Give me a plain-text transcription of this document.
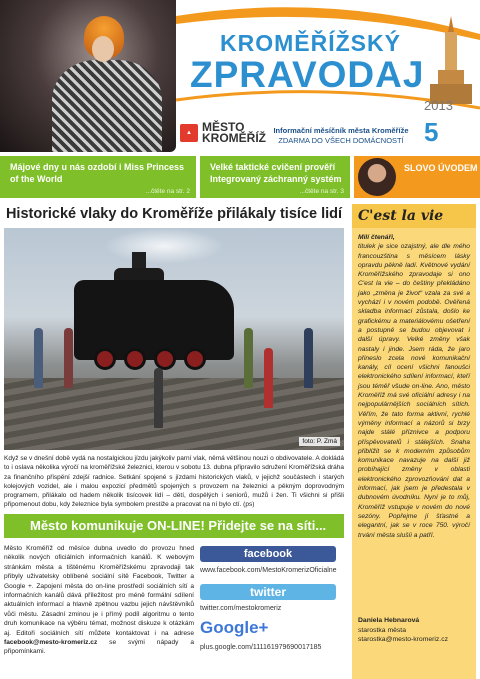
KROMĚŘÍŽSKÝ
ZPRAVODAJ
2013
▲ MĚSTO
KROMĚŘÍŽ
Informační měsíčník města Kroměříže
ZDARMA DO VŠECH DOMÁCNOSTÍ 5
Májové dny u nás ozdobí i Miss Princess of the World
...čtěte na str. 2
Velké taktické cvičení prověří Integrovaný záchranný systém
...čtěte na str. 3
SLOVO ÚVODEM
Historické vlaky do Kroměříže přilákaly tisíce lidí
foto: P. Zmá
Když se v dnešní době vydá na nostalgickou jízdu jakýkoliv parní vlak, němá většinou nouzi o obdivovatele. A dokládá to i oslava několika výročí na kroměřížské železnici, kterou v sobotu 13. dubna připravilo sdružení Kroměřížská dráha za finančního přispění zdejší radnice. Setkání spojené s jízdami historických vlaků, v jejichž součástech i starých kolejových vozidel, ale i malou expozicí předmětů spojených s provozem na železnici a pěkným doprovodným programem, přilákalo od hadem několik tisícovek lidí – dětí, dospělých i seniorů, mužů i žen. Ti všichni si přišli připomenout dobu, kdy železnice byla symbolem prestiže a pracovat na ní bylo ctí. (ps)
Město komunikuje ON-LINE! Přidejte se na síti...
Město Kroměříž od měsíce dubna uvedlo do provozu hned několik nových oficiálních informačních kanálů. K webovým stránkám města a tištěnému Kroměřížskému zpravodaji tak přibyly uživatelsky oblíbené sociální sítě Facebook, Twitter a Google +. Zapojení města do on-line prostředí sociálních sítí a informačních kanálů dává příležitost pro méně formální sdílení aktuálních informací a hlavně zpětnou vazbu jejich návštěvníků vůči městu. Zásadní zmínou je i přímý podíl algoritmu o tento druh komunikace na výběru témat, možnost diskuze k otázkám aj. Editoři sociálních sítí můžete kontaktovat i na adrese facebook@mesto-kromeriz.cz se svými nápady a připomínkami.
facebook
twitter
www.facebook.com/MestoKromerizOficialne
twitter.com/mestokromeriz
Google+
plus.google.com/111161979690017185
C'est la vie
Milí čtenáři,
titulek je sice ozajstný, ale dle mého francouzština s měsícem lásky opravdu pěkně ladí. Květnové vydání Kroměřížského zpravodaje si ono C'est la vie – do češtiny překládáno jako „změna je život“ vzala za své a vychází i v novém podobě. Ověřená skladba informací zůstala, došlo ke grafickému a materiálovému ošetření a postupně se budou objevovat i další úpravy. Velké změny však nastaly i jinde. Jsem ráda, že jaro přineslo zcela nové komunikační kanály, cíl ocení všichni fanoušci elektronického sdílení informací, kteří jsou téměř všude on-line. Ano, město Kroměříž má své oficiální adresy i na nejpopulárnějších sociálních sítích. Věřím, že tato forma aktivní, rychlé výměny informací a názorů si brzy najde stálé příznivce a podporu příspěvovatelů i stálejších. Snaha přiblížit se k moderním způsobům komunikace navazuje na další již probíhající změny v oblasti elektronického zprovozňování dat a informací, jak jsem je předestala v dubnovém úvodníku. Nyní je to můj, Kroměříž vstupuje v novém do nové sezóny. Popřejme jí šťastné a elegantní, jak se v roce 750. výročí trvání města slušíi a patří.
Daniela Hebnarová
starostka města
starostka@mesto-kromeriz.cz
